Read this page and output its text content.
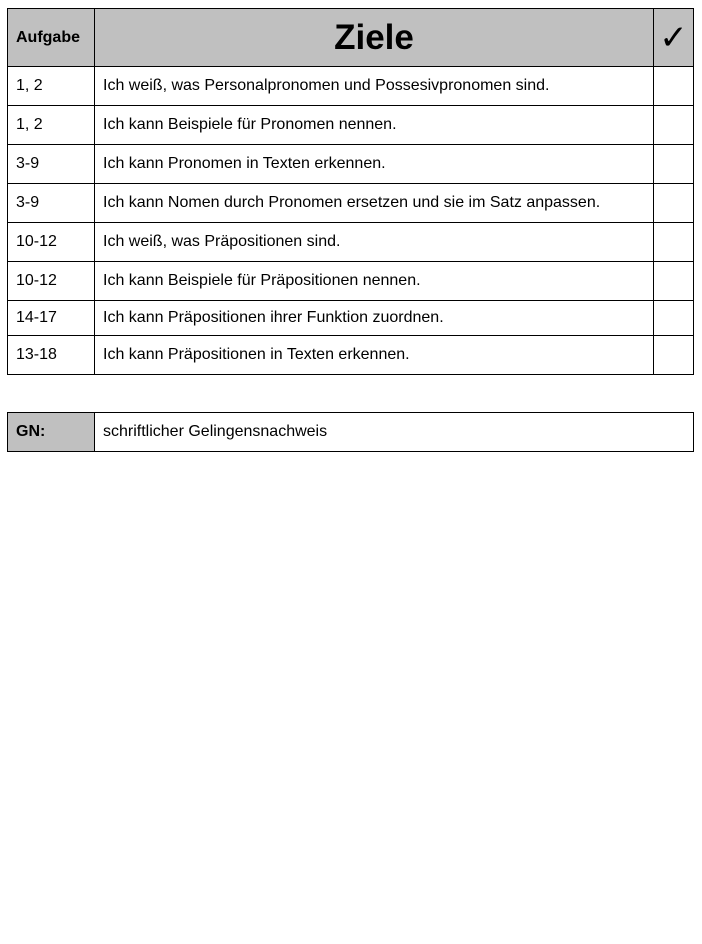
Aufgabe	Ziele	✓
1, 2	Ich weiß, was Personalpronomen und Possesivpronomen sind.	
1, 2	Ich kann Beispiele für Pronomen nennen.	
3-9	Ich kann Pronomen in Texten erkennen.	
3-9	Ich kann Nomen durch Pronomen ersetzen und sie im Satz anpassen.	
10-12	Ich weiß, was Präpositionen sind.	
10-12	Ich kann Beispiele für Präpositionen nennen.	
14-17	Ich kann Präpositionen ihrer Funktion zuordnen.	
13-18	Ich kann Präpositionen in Texten erkennen.	
GN:	schriftlicher Gelingensnachweis
